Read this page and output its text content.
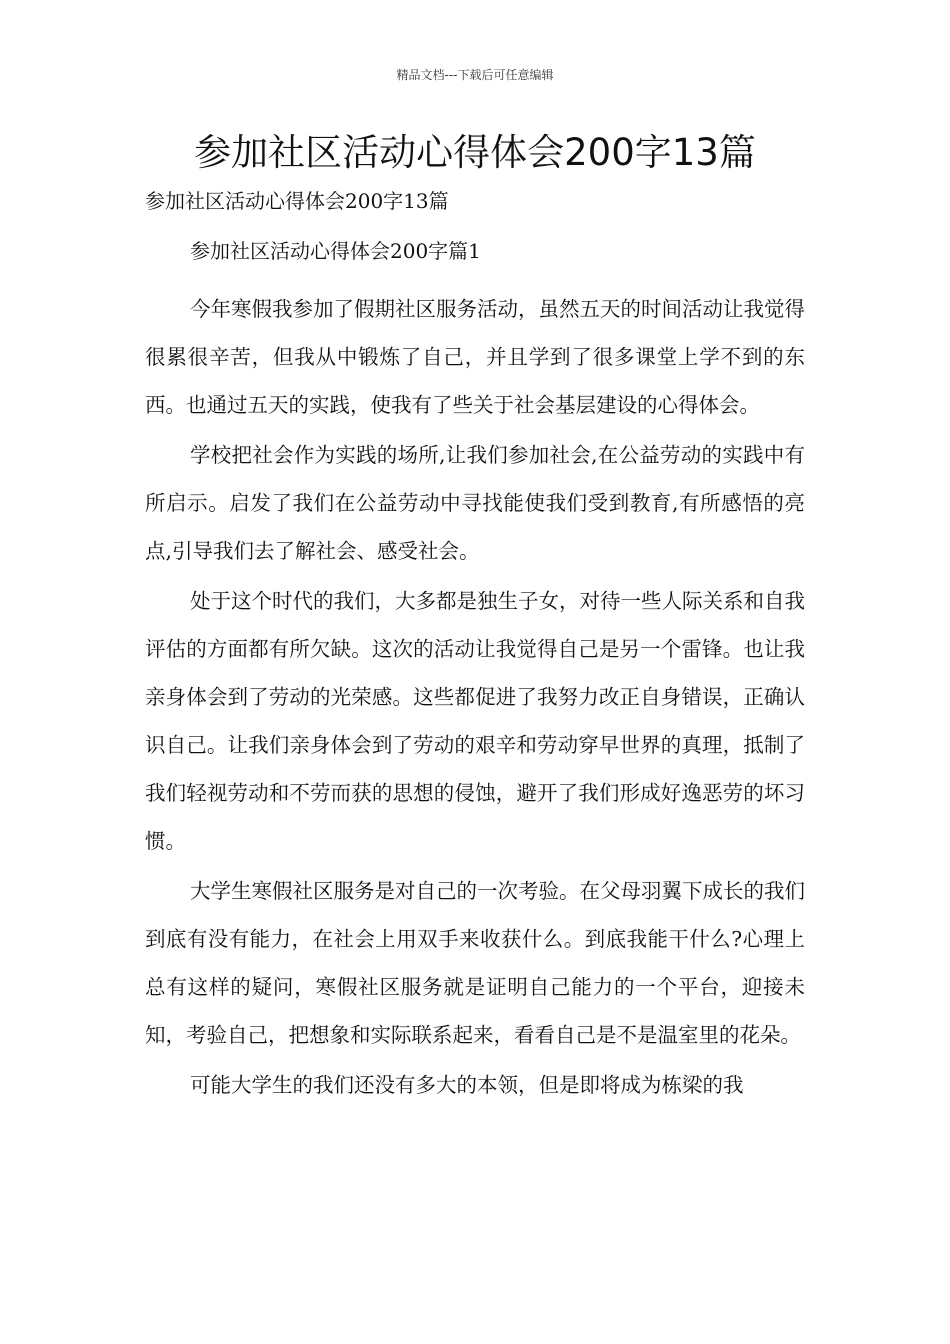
精品文档---下载后可任意编辑
参加社区活动心得体会200字13篇
参加社区活动心得体会200字13篇
参加社区活动心得体会200字篇1

今年寒假我参加了假期社区服务活动，虽然五天的时间活动让我觉得很累很辛苦，但我从中锻炼了自己，并且学到了很多课堂上学不到的东西。也通过五天的实践，使我有了些关于社会基层建设的心得体会。

学校把社会作为实践的场所,让我们参加社会,在公益劳动的实践中有所启示。启发了我们在公益劳动中寻找能使我们受到教育,有所感悟的亮点,引导我们去了解社会、感受社会。

处于这个时代的我们，大多都是独生子女，对待一些人际关系和自我评估的方面都有所欠缺。这次的活动让我觉得自己是另一个雷锋。也让我亲身体会到了劳动的光荣感。这些都促进了我努力改正自身错误，正确认识自己。让我们亲身体会到了劳动的艰辛和劳动穿早世界的真理，抵制了我们轻视劳动和不劳而获的思想的侵蚀，避开了我们形成好逸恶劳的坏习惯。

大学生寒假社区服务是对自己的一次考验。在父母羽翼下成长的我们到底有没有能力，在社会上用双手来收获什么。到底我能干什么?心理上总有这样的疑问，寒假社区服务就是证明自己能力的一个平台，迎接未知，考验自己，把想象和实际联系起来，看看自己是不是温室里的花朵。

可能大学生的我们还没有多大的本领，但是即将成为栋梁的我
